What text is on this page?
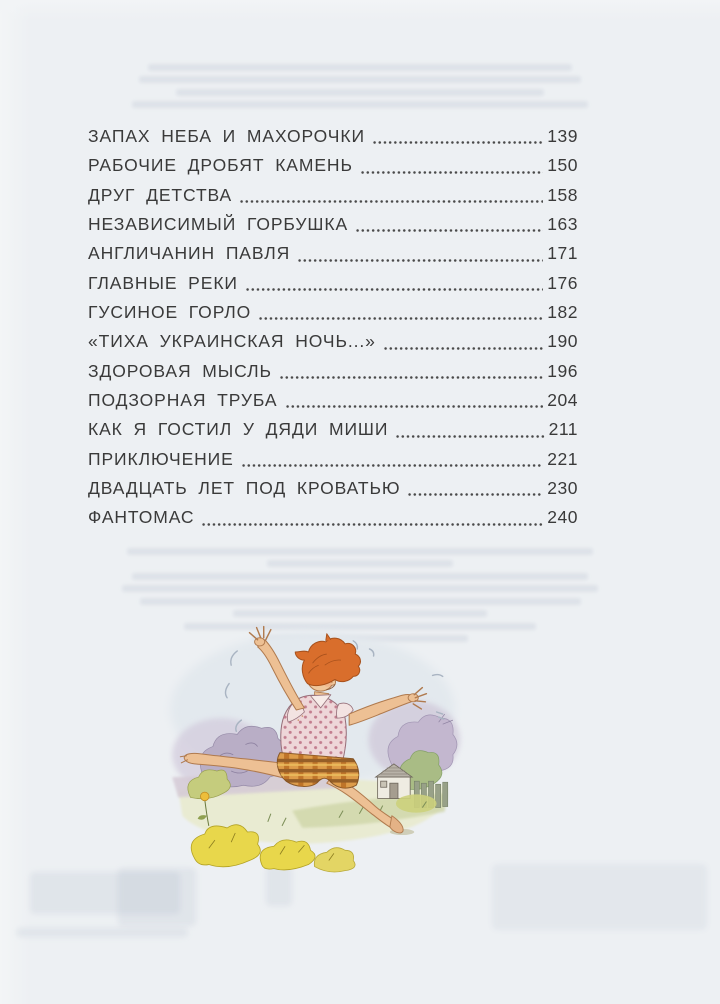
ЗАПАХ НЕБА И МАХОРОЧКИ	139
РАБОЧИЕ ДРОБЯТ КАМЕНЬ	150
ДРУГ ДЕТСТВА	158
НЕЗАВИСИМЫЙ ГОРБУШКА	163
АНГЛИЧАНИН ПАВЛЯ	171
ГЛАВНЫЕ РЕКИ	176
ГУСИНОЕ ГОРЛО	182
«ТИХА УКРАИНСКАЯ НОЧЬ...»	190
ЗДОРОВАЯ МЫСЛЬ	196
ПОДЗОРНАЯ ТРУБА	204
КАК Я ГОСТИЛ У ДЯДИ МИШИ	211
ПРИКЛЮЧЕНИЕ	221
ДВАДЦАТЬ ЛЕТ ПОД КРОВАТЬЮ	230
ФАНТОМАС	240
